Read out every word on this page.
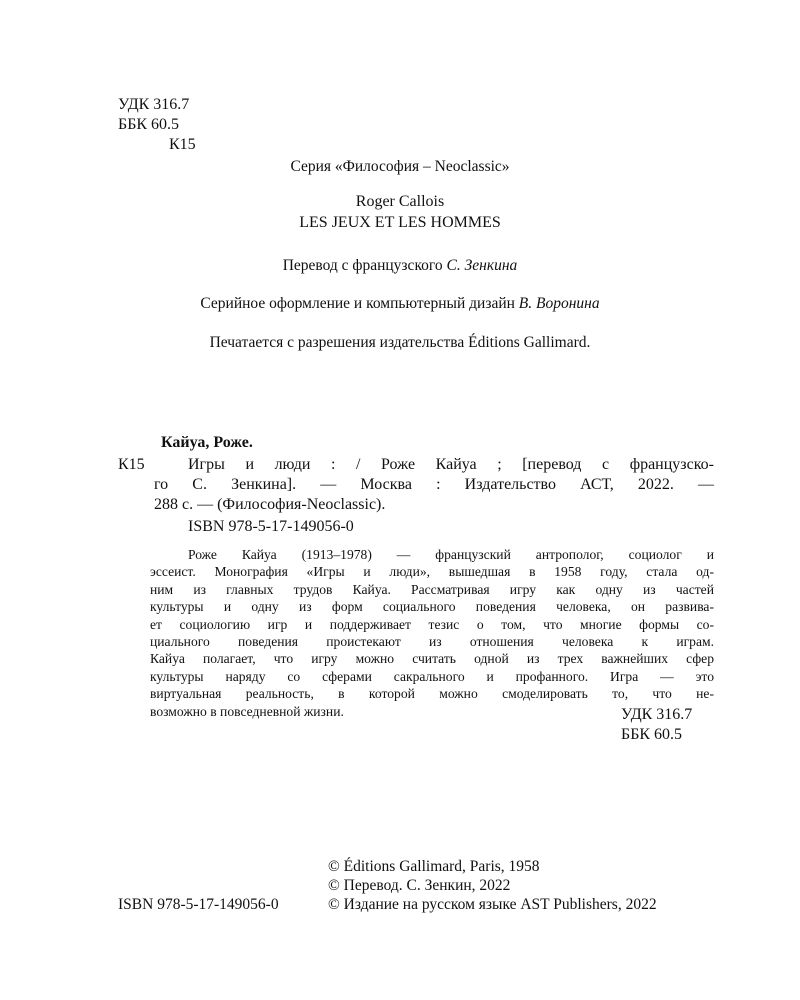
УДК 316.7
ББК 60.5
К15
Серия «Философия – Neoclassic»
Roger Callois
LES JEUX ET LES HOMMES
Перевод с французского С. Зенкина
Серийное оформление и компьютерный дизайн В. Воронина
Печатается с разрешения издательства Éditions Gallimard.
Кайуа, Роже.
К15	Игры и люди : / Роже Кайуа ; [перевод с французско-
го С. Зенкина]. — Москва : Издательство АСТ, 2022. —
288 с. — (Философия-Neoclassic).
ISBN 978-5-17-149056-0
Роже Кайуа (1913–1978) — французский антрополог, социолог и
эссеист. Монография «Игры и люди», вышедшая в 1958 году, стала од-
ним из главных трудов Кайуа. Рассматривая игру как одну из частей
культуры и одну из форм социального поведения человека, он развива-
ет социологию игр и поддерживает тезис о том, что многие формы со-
циального поведения проистекают из отношения человека к играм.
Кайуа полагает, что игру можно считать одной из трех важнейших сфер
культуры наряду со сферами сакрального и профанного. Игра — это
виртуальная реальность, в которой можно смоделировать то, что не-
возможно в повседневной жизни.	УДК 316.7
ББК 60.5
© Éditions Gallimard, Paris, 1958
© Перевод. С. Зенкин, 2022
ISBN 978-5-17-149056-0	© Издание на русском языке AST Publishers, 2022
